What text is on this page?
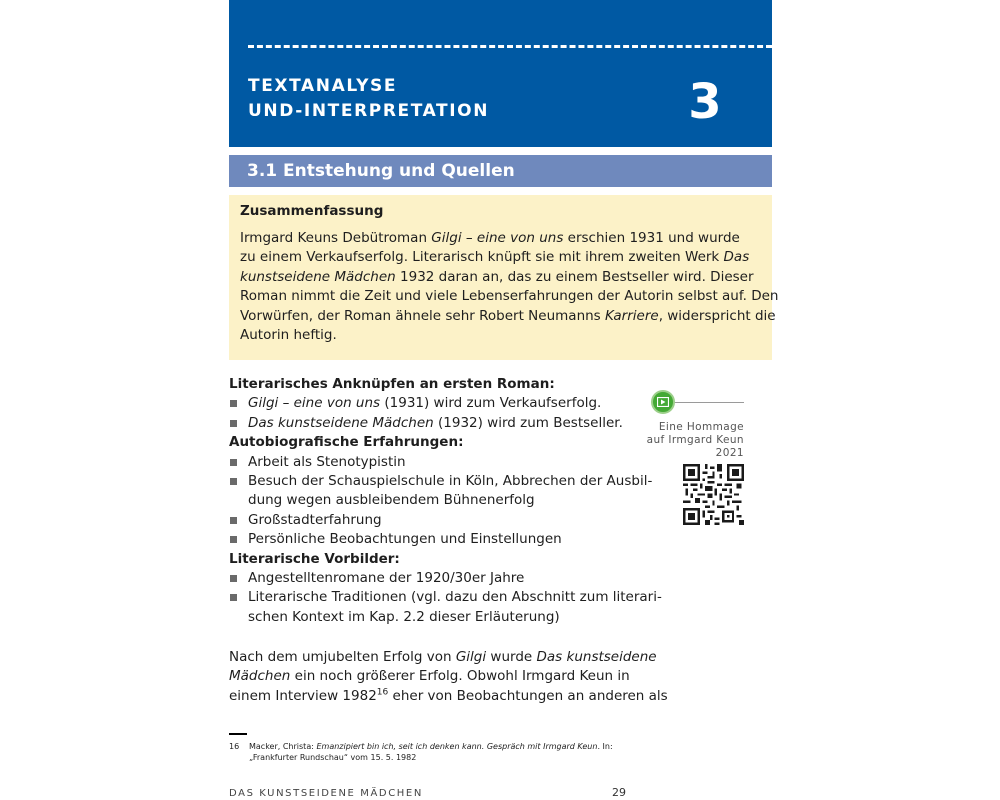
TEXTANALYSE
UND-INTERPRETATION	3
3.1 Entstehung und Quellen
Zusammenfassung
Irmgard Keuns Debütroman Gilgi – eine von uns erschien 1931 und wurde
zu einem Verkaufserfolg. Literarisch knüpft sie mit ihrem zweiten Werk Das
kunstseidene Mädchen 1932 daran an, das zu einem Bestseller wird. Dieser
Roman nimmt die Zeit und viele Lebenserfahrungen der Autorin selbst auf. Den
Vorwürfen, der Roman ähnele sehr Robert Neumanns Karriere, widerspricht die
Autorin heftig.
Literarisches Anknüpfen an ersten Roman:
Gilgi – eine von uns (1931) wird zum Verkaufserfolg.
Das kunstseidene Mädchen (1932) wird zum Bestseller.
Autobiografische Erfahrungen:
Arbeit als Stenotypistin
Besuch der Schauspielschule in Köln, Abbrechen der Ausbil-
dung wegen ausbleibendem Bühnenerfolg
Großstadterfahrung
Persönliche Beobachtungen und Einstellungen
Literarische Vorbilder:
Angestelltenromane der 1920/30er Jahre
Literarische Traditionen (vgl. dazu den Abschnitt zum literari-
schen Kontext im Kap. 2.2 dieser Erläuterung)
Nach dem umjubelten Erfolg von Gilgi wurde Das kunstseidene
Mädchen ein noch größerer Erfolg. Obwohl Irmgard Keun in
einem Interview 1982$^{16}$ eher von Beobachtungen an anderen als
Eine Hommage
auf Irmgard Keun
2021
16 Macker, Christa: Emanzipiert bin ich, seit ich denken kann. Gespräch mit Irmgard Keun. In:
„Frankfurter Rundschau“ vom 15. 5. 1982
DAS KUNSTSEIDENE MÄDCHEN	29
